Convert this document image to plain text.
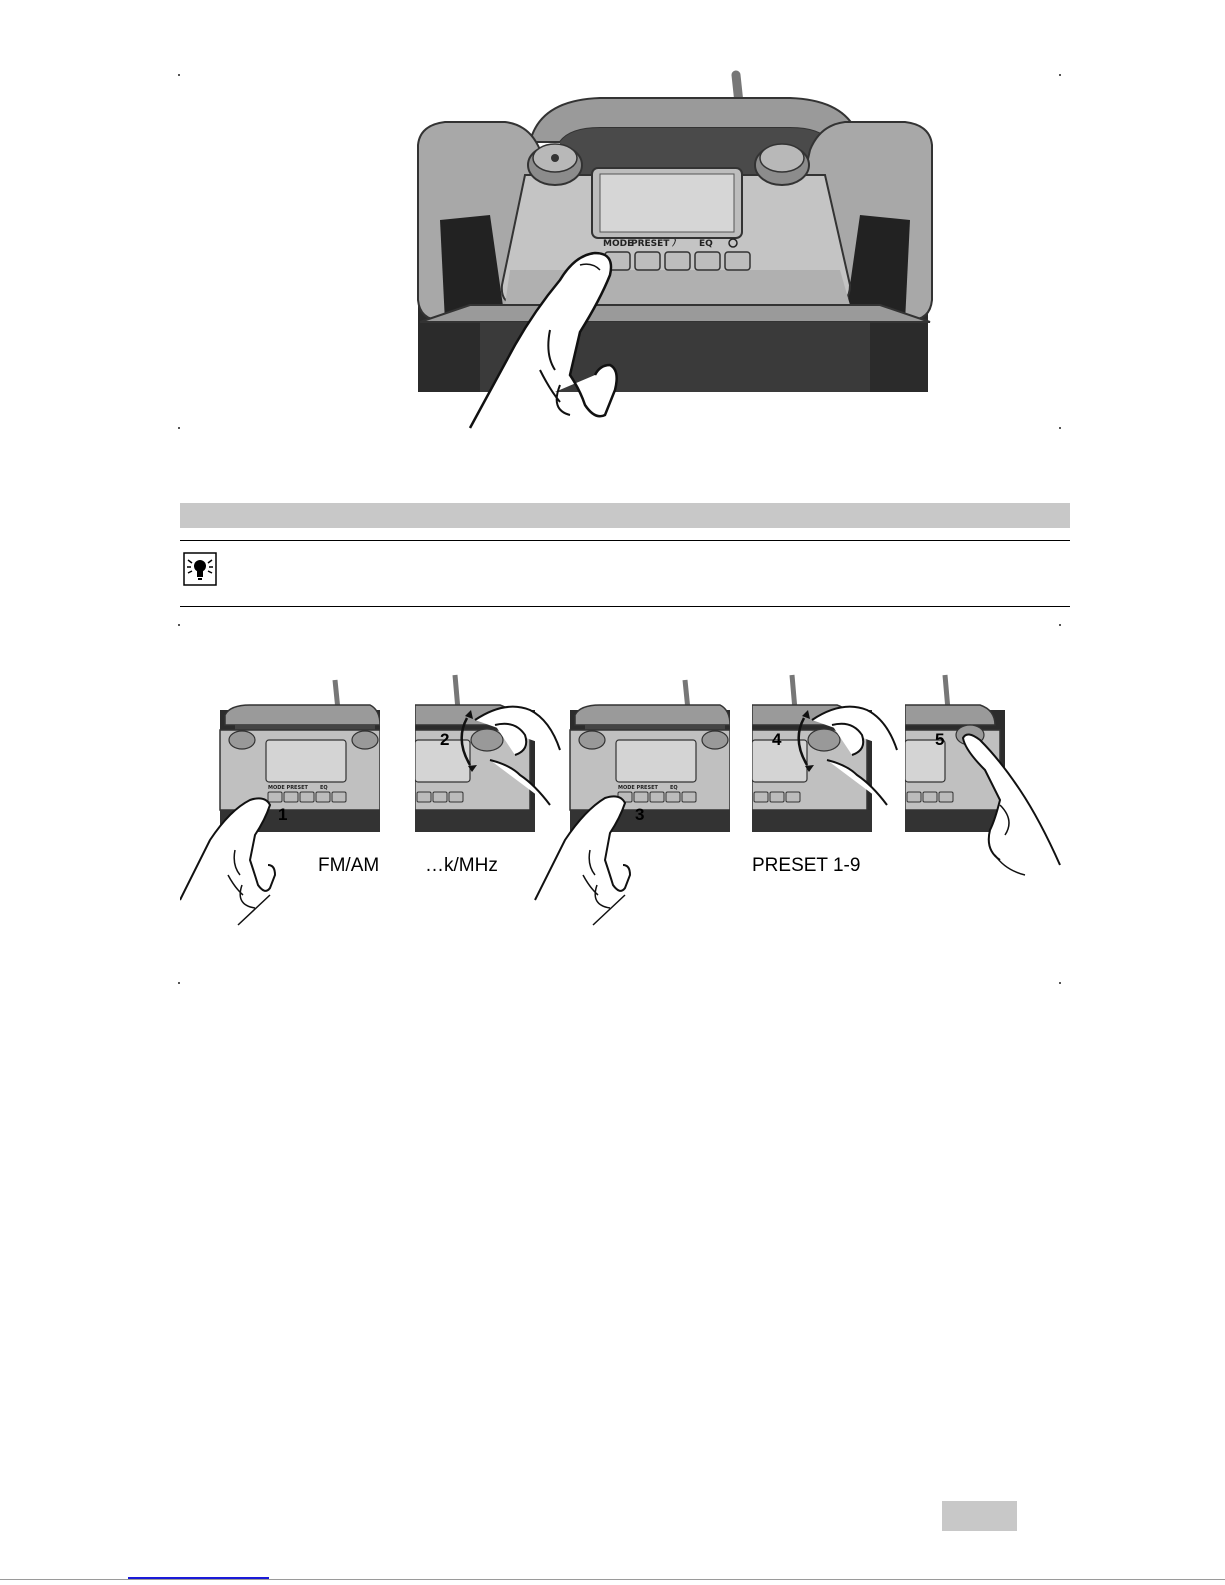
MODE
PRESET ﾉ EQ
MODE PRESET EQ
1
2
MODE PRESET EQ
3
4	5
FM/AM …k/MHz	PRESET 1-9
